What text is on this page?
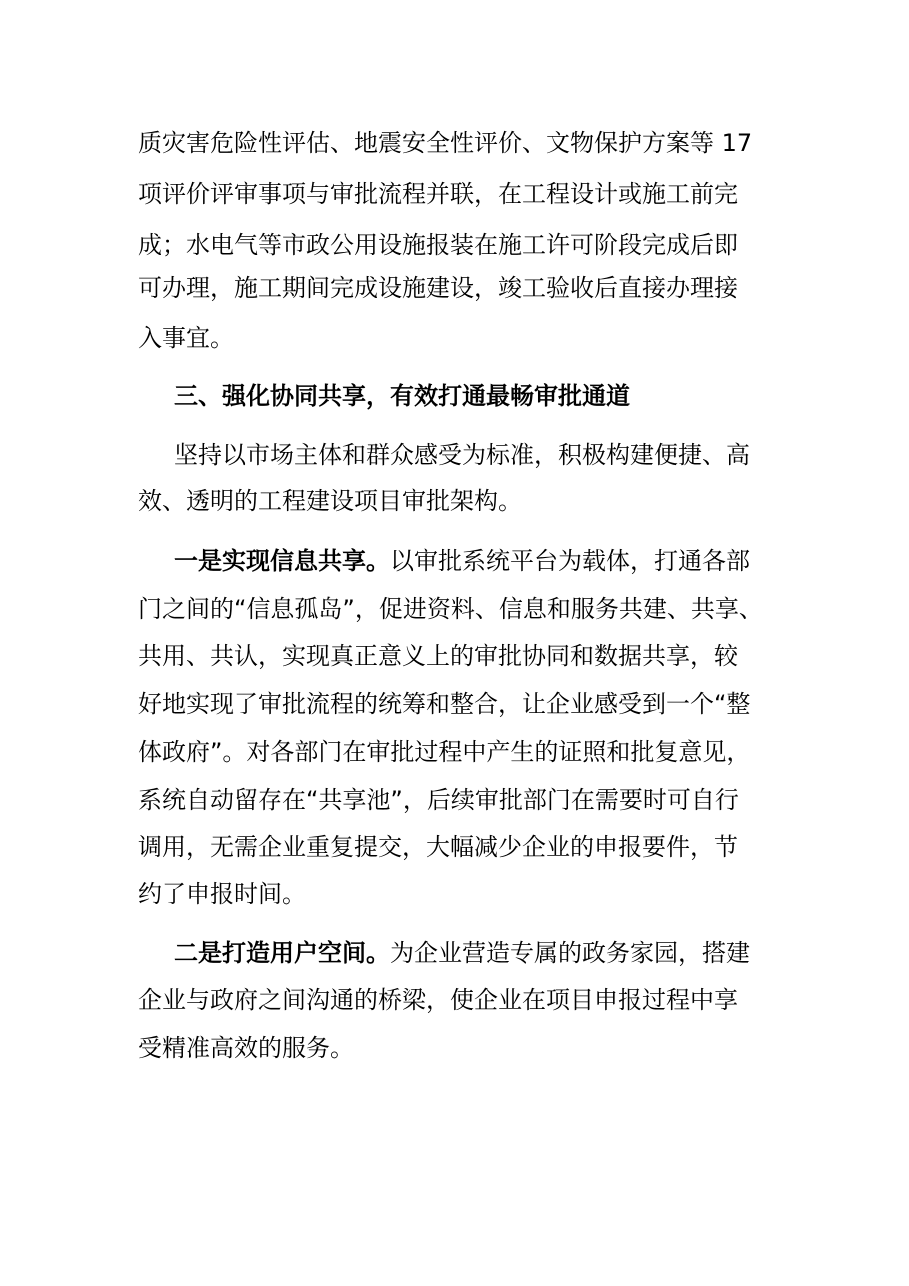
质灾害危险性评估、地震安全性评价、文物保护方案等 17
项评价评审事项与审批流程并联，在工程设计或施工前完
成；水电气等市政公用设施报装在施工许可阶段完成后即
可办理，施工期间完成设施建设，竣工验收后直接办理接
入事宜。
三、强化协同共享，有效打通最畅审批通道
坚持以市场主体和群众感受为标准，积极构建便捷、高
效、透明的工程建设项目审批架构。
一是实现信息共享。以审批系统平台为载体，打通各部
门之间的“信息孤岛”，促进资料、信息和服务共建、共享、
共用、共认，实现真正意义上的审批协同和数据共享，较
好地实现了审批流程的统筹和整合，让企业感受到一个“整
体政府”。对各部门在审批过程中产生的证照和批复意见，
系统自动留存在“共享池”，后续审批部门在需要时可自行
调用，无需企业重复提交，大幅减少企业的申报要件，节
约了申报时间。
二是打造用户空间。为企业营造专属的政务家园，搭建
企业与政府之间沟通的桥梁，使企业在项目申报过程中享
受精准高效的服务。
